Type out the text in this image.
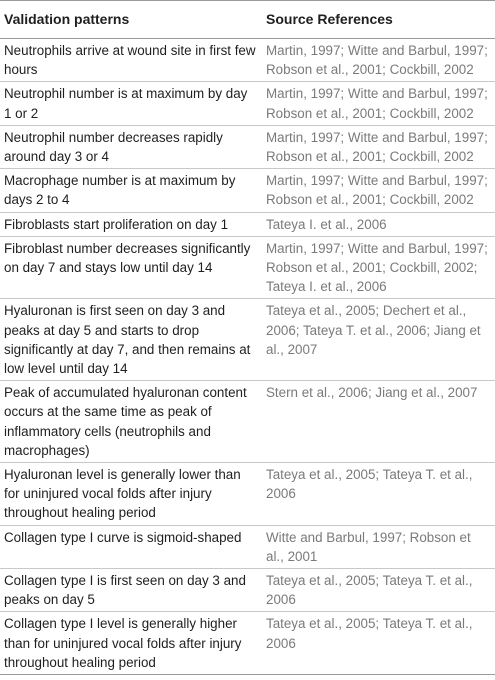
Validation patterns	Source References
Neutrophils arrive at wound site in first few hours	Martin, 1997; Witte and Barbul, 1997; Robson et al., 2001; Cockbill, 2002
Neutrophil number is at maximum by day 1 or 2	Martin, 1997; Witte and Barbul, 1997; Robson et al., 2001; Cockbill, 2002
Neutrophil number decreases rapidly around day 3 or 4	Martin, 1997; Witte and Barbul, 1997; Robson et al., 2001; Cockbill, 2002
Macrophage number is at maximum by days 2 to 4	Martin, 1997; Witte and Barbul, 1997; Robson et al., 2001; Cockbill, 2002
Fibroblasts start proliferation on day 1	Tateya I. et al., 2006
Fibroblast number decreases significantly on day 7 and stays low until day 14	Martin, 1997; Witte and Barbul, 1997; Robson et al., 2001; Cockbill, 2002; Tateya I. et al., 2006
Hyaluronan is first seen on day 3 and peaks at day 5 and starts to drop significantly at day 7, and then remains at low level until day 14	Tateya et al., 2005; Dechert et al., 2006; Tateya T. et al., 2006; Jiang et al., 2007
Peak of accumulated hyaluronan content occurs at the same time as peak of inflammatory cells (neutrophils and macrophages)	Stern et al., 2006; Jiang et al., 2007
Hyaluronan level is generally lower than for uninjured vocal folds after injury throughout healing period	Tateya et al., 2005; Tateya T. et al., 2006
Collagen type I curve is sigmoid-shaped	Witte and Barbul, 1997; Robson et al., 2001
Collagen type I is first seen on day 3 and peaks on day 5	Tateya et al., 2005; Tateya T. et al., 2006
Collagen type I level is generally higher than for uninjured vocal folds after injury throughout healing period	Tateya et al., 2005; Tateya T. et al., 2006
